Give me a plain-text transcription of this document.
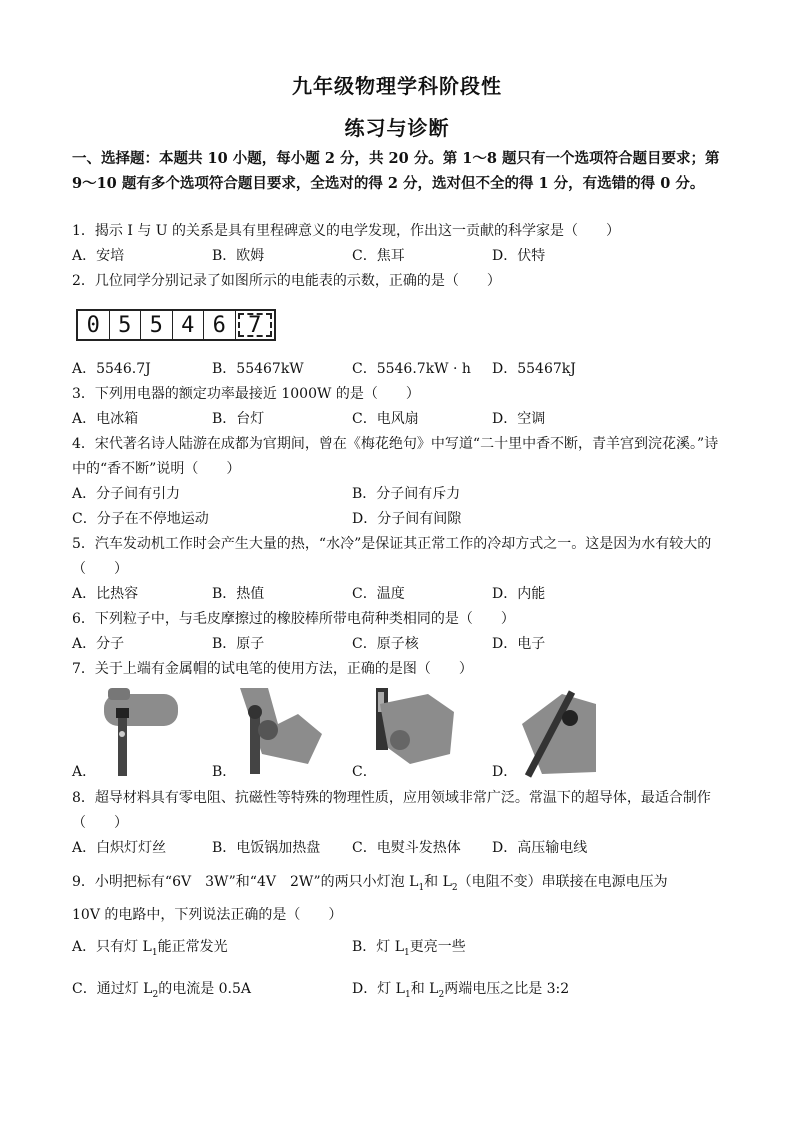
九年级物理学科阶段性
练习与诊断
一、选择题：本题共 10 小题，每小题 2 分，共 20 分。第 1～8 题只有一个选项符合题目要求；第 9～10 题有多个选项符合题目要求，全选对的得 2 分，选对但不全的得 1 分，有选错的得 0 分。
1．揭示 I 与 U 的关系是具有里程碑意义的电学发现，作出这一贡献的科学家是（　　）
A．安培	B．欧姆	C．焦耳	D．伏特
2．几位同学分别记录了如图所示的电能表的示数，正确的是（　　）
0 5 5 4 6	7
A．5546.7J	B．55467kW	C．5546.7kW · h D．55467kJ
3．下列用电器的额定功率最接近 1000W 的是（　　）
A．电冰箱	B．台灯	C．电风扇	D．空调
4．宋代著名诗人陆游在成都为官期间，曾在《梅花绝句》中写道“二十里中香不断，青羊宫到浣花溪。”诗中的“香不断”说明（　　）
A．分子间有引力	B．分子间有斥力
C．分子在不停地运动	D．分子间有间隙
5．汽车发动机工作时会产生大量的热，“水冷”是保证其正常工作的冷却方式之一。这是因为水有较大的（　　）
A．比热容	B．热值	C．温度	D．内能
6．下列粒子中，与毛皮摩擦过的橡胶棒所带电荷种类相同的是（　　）
A．分子	B．原子	C．原子核	D．电子
7．关于上端有金属帽的试电笔的使用方法，正确的是图（　　）
A．	B．	C．	D．
8．超导材料具有零电阻、抗磁性等特殊的物理性质，应用领域非常广泛。常温下的超导体，最适合制作（　　）
A．白炽灯灯丝	B．电饭锅加热盘 C．电熨斗发热体 D．高压输电线
9．小明把标有“6V　3W”和“4V　2W”的两只小灯泡 $L_1$和 $L_2$（电阻不变）串联接在电源电压为
10V 的电路中，下列说法正确的是（　　）
A．只有灯 $L_1$能正常发光	B．灯 $L_1$更亮一些
C．通过灯 $L_2$的电流是 0.5A	D．灯 $L_1$和 $L_2$两端电压之比是 3:2
